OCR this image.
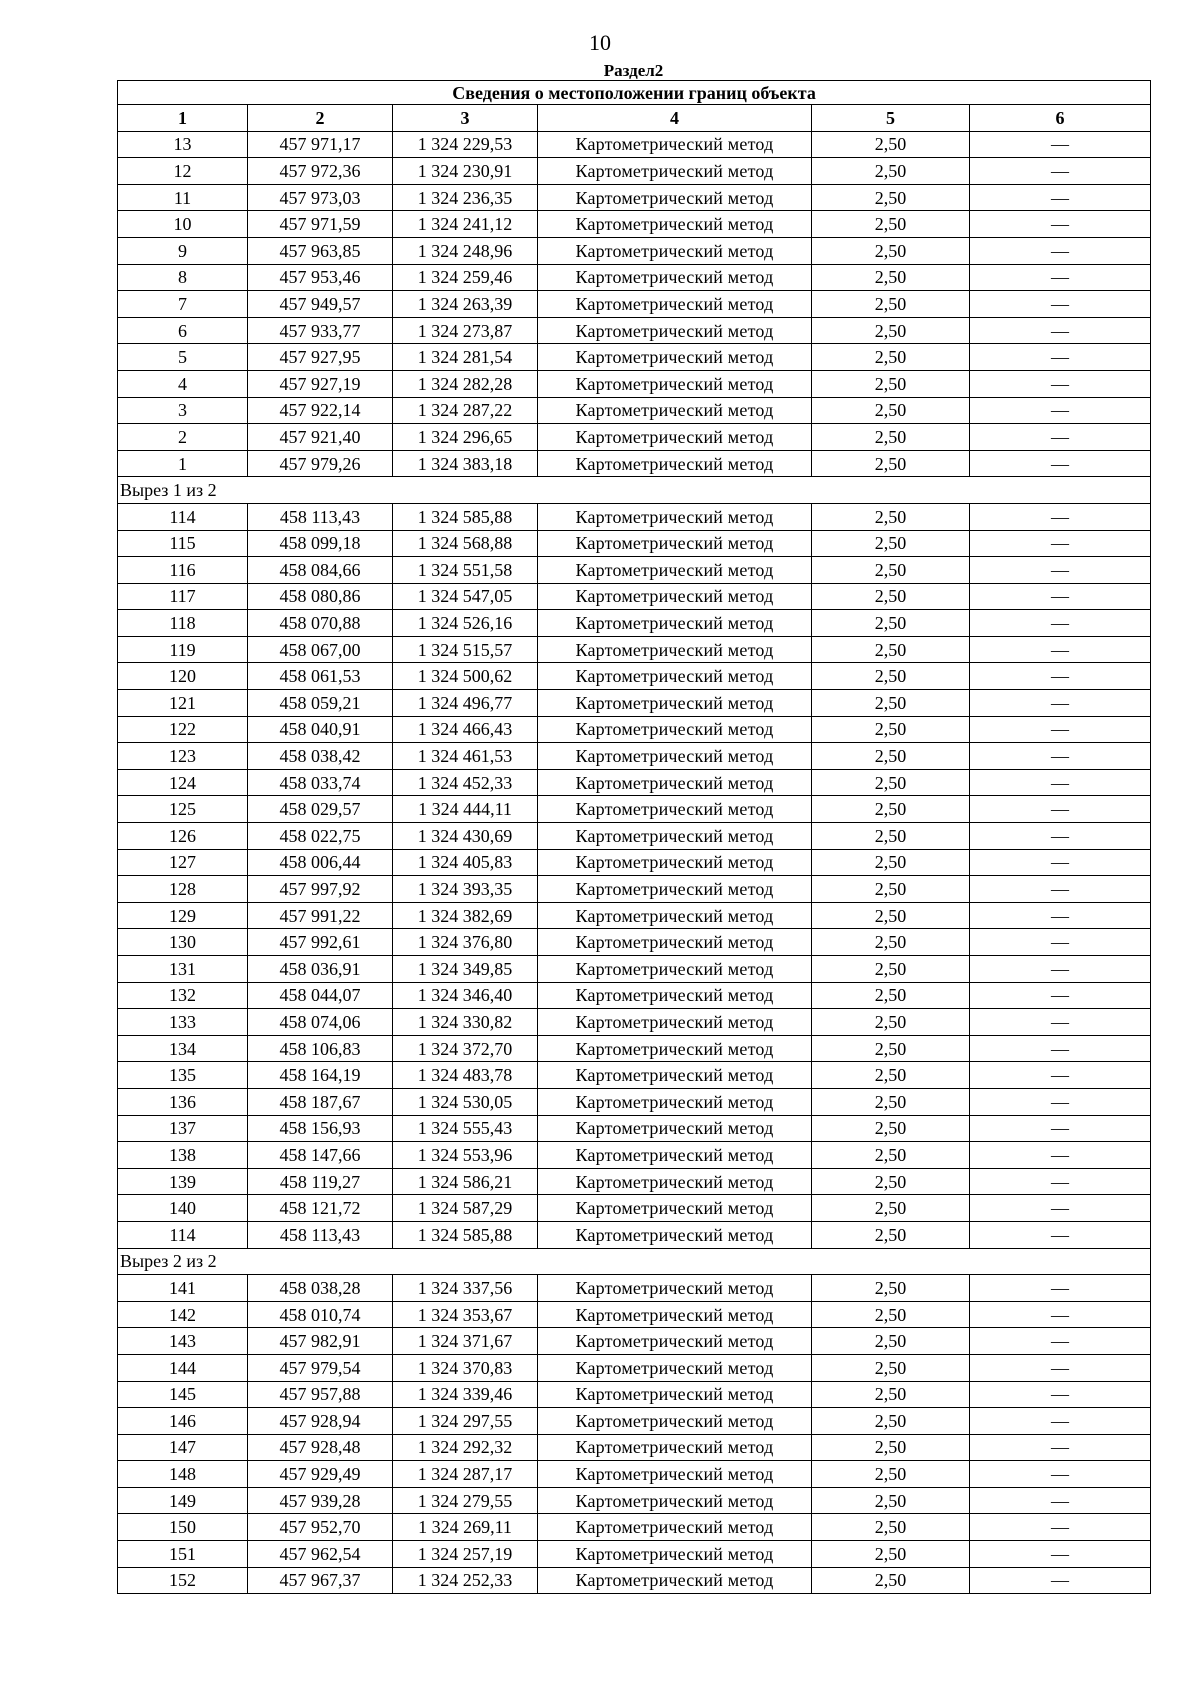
10
Раздел2
Сведения о местоположении границ объекта					
1	2	3	4	5	6
13	457 971,17	1 324 229,53	Картометрический метод	2,50	—
12	457 972,36	1 324 230,91	Картометрический метод	2,50	—
11	457 973,03	1 324 236,35	Картометрический метод	2,50	—
10	457 971,59	1 324 241,12	Картометрический метод	2,50	—
9	457 963,85	1 324 248,96	Картометрический метод	2,50	—
8	457 953,46	1 324 259,46	Картометрический метод	2,50	—
7	457 949,57	1 324 263,39	Картометрический метод	2,50	—
6	457 933,77	1 324 273,87	Картометрический метод	2,50	—
5	457 927,95	1 324 281,54	Картометрический метод	2,50	—
4	457 927,19	1 324 282,28	Картометрический метод	2,50	—
3	457 922,14	1 324 287,22	Картометрический метод	2,50	—
2	457 921,40	1 324 296,65	Картометрический метод	2,50	—
1	457 979,26	1 324 383,18	Картометрический метод	2,50	—
Вырез 1 из 2					
114	458 113,43	1 324 585,88	Картометрический метод	2,50	—
115	458 099,18	1 324 568,88	Картометрический метод	2,50	—
116	458 084,66	1 324 551,58	Картометрический метод	2,50	—
117	458 080,86	1 324 547,05	Картометрический метод	2,50	—
118	458 070,88	1 324 526,16	Картометрический метод	2,50	—
119	458 067,00	1 324 515,57	Картометрический метод	2,50	—
120	458 061,53	1 324 500,62	Картометрический метод	2,50	—
121	458 059,21	1 324 496,77	Картометрический метод	2,50	—
122	458 040,91	1 324 466,43	Картометрический метод	2,50	—
123	458 038,42	1 324 461,53	Картометрический метод	2,50	—
124	458 033,74	1 324 452,33	Картометрический метод	2,50	—
125	458 029,57	1 324 444,11	Картометрический метод	2,50	—
126	458 022,75	1 324 430,69	Картометрический метод	2,50	—
127	458 006,44	1 324 405,83	Картометрический метод	2,50	—
128	457 997,92	1 324 393,35	Картометрический метод	2,50	—
129	457 991,22	1 324 382,69	Картометрический метод	2,50	—
130	457 992,61	1 324 376,80	Картометрический метод	2,50	—
131	458 036,91	1 324 349,85	Картометрический метод	2,50	—
132	458 044,07	1 324 346,40	Картометрический метод	2,50	—
133	458 074,06	1 324 330,82	Картометрический метод	2,50	—
134	458 106,83	1 324 372,70	Картометрический метод	2,50	—
135	458 164,19	1 324 483,78	Картометрический метод	2,50	—
136	458 187,67	1 324 530,05	Картометрический метод	2,50	—
137	458 156,93	1 324 555,43	Картометрический метод	2,50	—
138	458 147,66	1 324 553,96	Картометрический метод	2,50	—
139	458 119,27	1 324 586,21	Картометрический метод	2,50	—
140	458 121,72	1 324 587,29	Картометрический метод	2,50	—
114	458 113,43	1 324 585,88	Картометрический метод	2,50	—
Вырез 2 из 2					
141	458 038,28	1 324 337,56	Картометрический метод	2,50	—
142	458 010,74	1 324 353,67	Картометрический метод	2,50	—
143	457 982,91	1 324 371,67	Картометрический метод	2,50	—
144	457 979,54	1 324 370,83	Картометрический метод	2,50	—
145	457 957,88	1 324 339,46	Картометрический метод	2,50	—
146	457 928,94	1 324 297,55	Картометрический метод	2,50	—
147	457 928,48	1 324 292,32	Картометрический метод	2,50	—
148	457 929,49	1 324 287,17	Картометрический метод	2,50	—
149	457 939,28	1 324 279,55	Картометрический метод	2,50	—
150	457 952,70	1 324 269,11	Картометрический метод	2,50	—
151	457 962,54	1 324 257,19	Картометрический метод	2,50	—
152	457 967,37	1 324 252,33	Картометрический метод	2,50	—
